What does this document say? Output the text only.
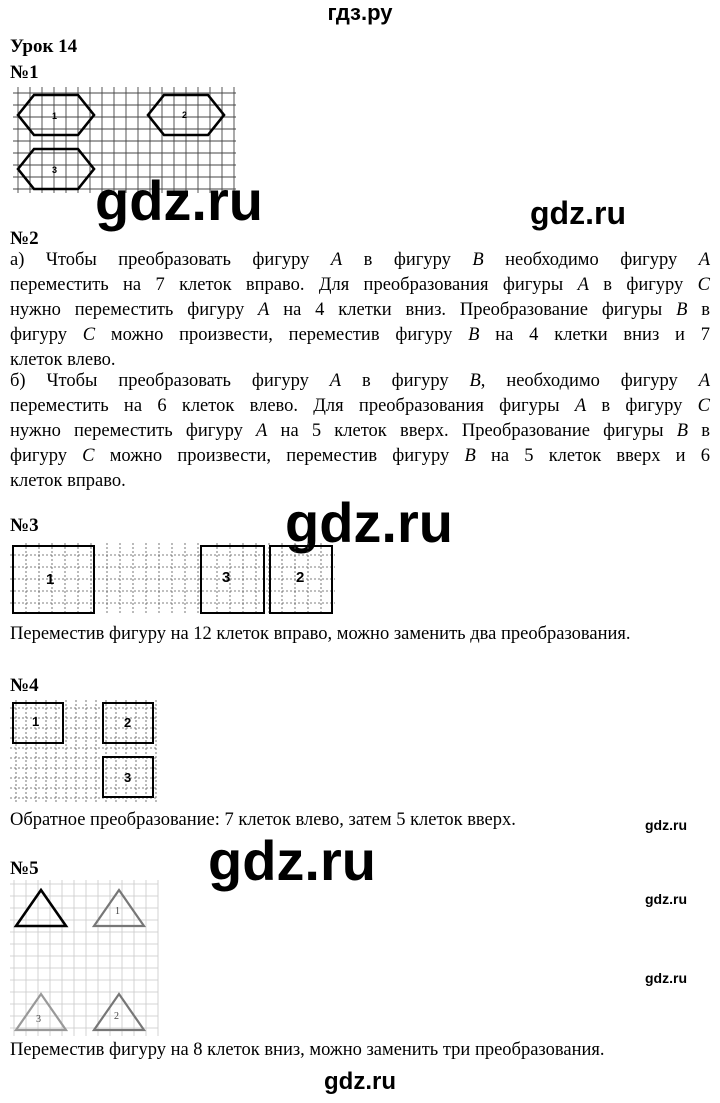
гдз.ру
Урок 14
№1
1	2
3 gdz.ru	gdz.ru
№2
а) Чтобы преобразовать фигуру A в фигуру B необходимо фигуру A
переместить на 7 клеток вправо. Для преобразования фигуры A в фигуру C
нужно переместить фигуру A на 4 клетки вниз. Преобразование фигуры B в
фигуру C можно произвести, переместив фигуру B на 4 клетки вниз и 7
клеток влево.
б) Чтобы преобразовать фигуру A в фигуру B, необходимо фигуру A
переместить на 6 клеток влево. Для преобразования фигуры A в фигуру C
нужно переместить фигуру A на 5 клеток вверх. Преобразование фигуры B в
фигуру C можно произвести, переместив фигуру B на 5 клеток вверх и 6
клеток вправо.
№3	gdz.ru
1	3	2
Переместив фигуру на 12 клеток вправо, можно заменить два преобразования.
№4
1	2
3
Обратное преобразование: 7 клеток влево, затем 5 клеток вверх.	gdz.ru
gdz.ru
№5
1
3	2
gdz.ru
gdz.ru
Переместив фигуру на 8 клеток вниз, можно заменить три преобразования.
gdz.ru
